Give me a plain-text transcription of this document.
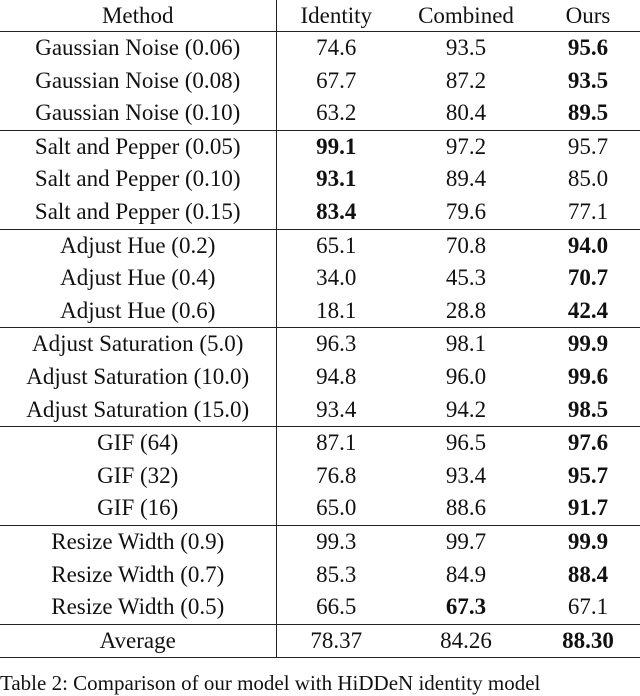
Method	Identity	Combined	Ours
Gaussian Noise (0.06)	74.6	93.5	95.6
Gaussian Noise (0.08)	67.7	87.2	93.5
Gaussian Noise (0.10)	63.2	80.4	89.5
Salt and Pepper (0.05)	99.1	97.2	95.7
Salt and Pepper (0.10)	93.1	89.4	85.0
Salt and Pepper (0.15)	83.4	79.6	77.1
Adjust Hue (0.2)	65.1	70.8	94.0
Adjust Hue (0.4)	34.0	45.3	70.7
Adjust Hue (0.6)	18.1	28.8	42.4
Adjust Saturation (5.0)	96.3	98.1	99.9
Adjust Saturation (10.0)	94.8	96.0	99.6
Adjust Saturation (15.0)	93.4	94.2	98.5
GIF (64)	87.1	96.5	97.6
GIF (32)	76.8	93.4	95.7
GIF (16)	65.0	88.6	91.7
Resize Width (0.9)	99.3	99.7	99.9
Resize Width (0.7)	85.3	84.9	88.4
Resize Width (0.5)	66.5	67.3	67.1
Average	78.37	84.26	88.30
Table 2: Comparison of our model with HiDDeN identity model
